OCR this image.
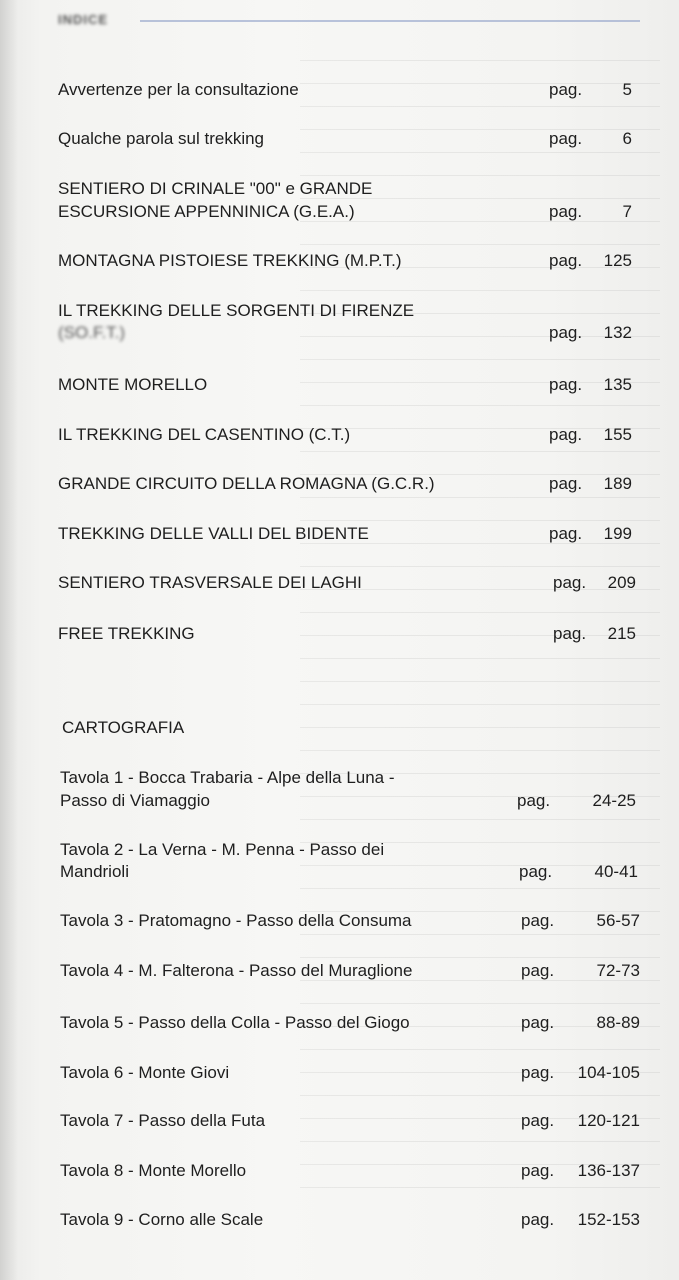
INDICE
Avvertenze per la consultazione	pag.	5
Qualche parola sul trekking	pag.	6
SENTIERO DI CRINALE "00" e GRANDE
ESCURSIONE APPENNINICA (G.E.A.)	pag.	7
MONTAGNA PISTOIESE TREKKING (M.P.T.)	pag.	125
IL TREKKING DELLE SORGENTI DI FIRENZE
(SO.F.T.)	pag.	132
MONTE MORELLO	pag.	135
IL TREKKING DEL CASENTINO (C.T.)	pag.	155
GRANDE CIRCUITO DELLA ROMAGNA (G.C.R.)	pag.	189
TREKKING DELLE VALLI DEL BIDENTE	pag.	199
SENTIERO TRASVERSALE DEI LAGHI	pag.	209
FREE TREKKING	pag.	215
CARTOGRAFIA
Tavola 1 - Bocca Trabaria - Alpe della Luna -
Passo di Viamaggio	pag.	24-25
Tavola 2 - La Verna - M. Penna - Passo dei
Mandrioli	pag.	40-41
Tavola 3 - Pratomagno - Passo della Consuma	pag.	56-57
Tavola 4 - M. Falterona - Passo del Muraglione	pag.	72-73
Tavola 5 - Passo della Colla - Passo del Giogo	pag.	88-89
Tavola 6 - Monte Giovi	pag.	104-105
Tavola 7 - Passo della Futa	pag.	120-121
Tavola 8 - Monte Morello	pag.	136-137
Tavola 9 - Corno alle Scale	pag.	152-153
